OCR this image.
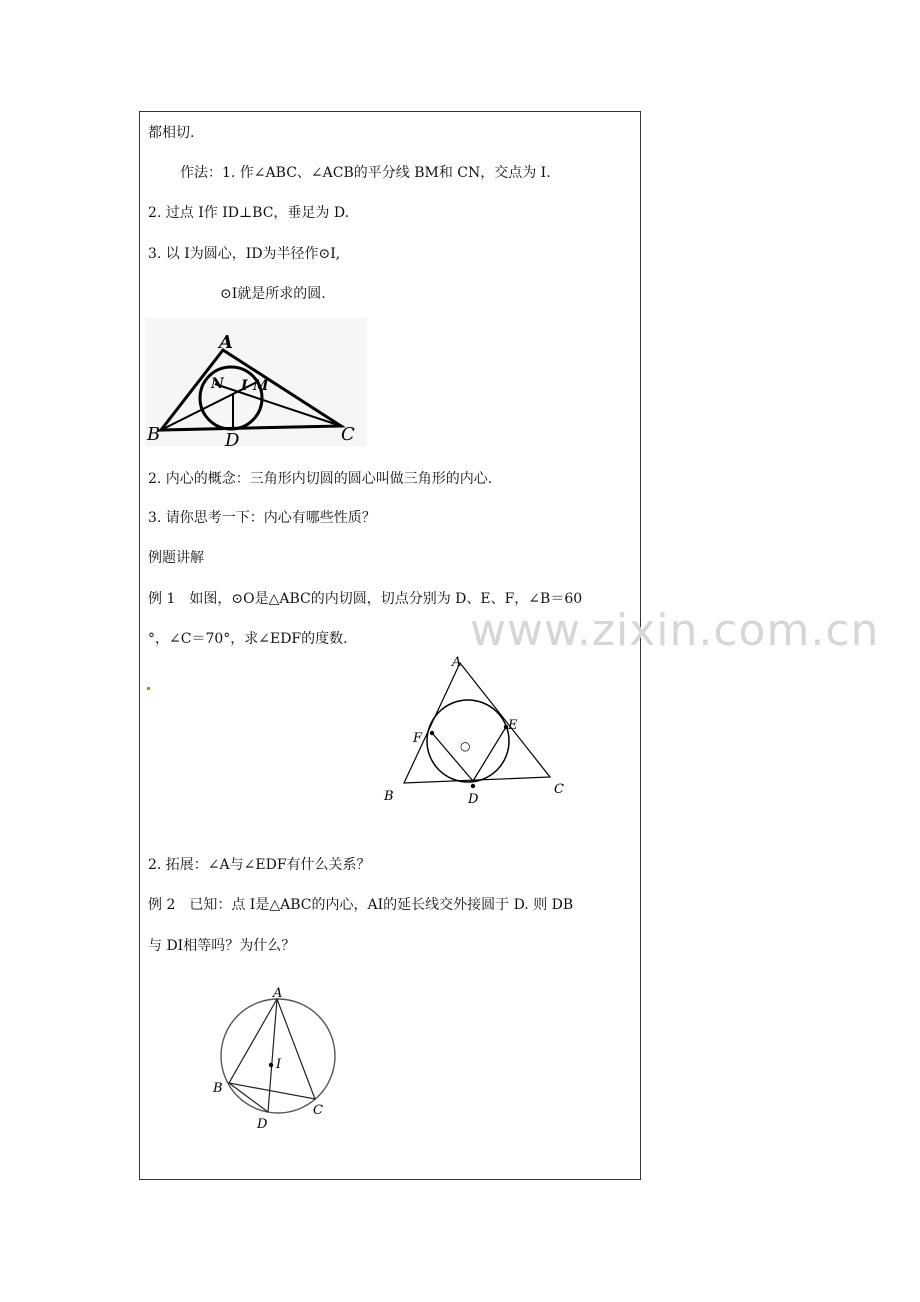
www.zixin.com.cn
都相切.
作法：1. 作∠ABC、∠ACB的平分线 BM和 CN，交点为 I.
2. 过点 I作 ID⊥BC，垂足为 D.
3. 以 I为圆心，ID为半径作⊙I,
⊙I就是所求的圆.
A
B	C
D
N I M
2. 内心的概念：三角形内切圆的圆心叫做三角形的内心.
3. 请你思考一下：内心有哪些性质？
例题讲解
例 1　如图，⊙O是△ABC的内切圆，切点分别为 D、E、F，∠B＝60
°，∠C＝70°，求∠EDF的度数.
A
B	C
D
E
F	○
2. 拓展：∠A与∠EDF有什么关系？
例 2　已知：点 I是△ABC的内心，AI的延长线交外接圆于 D. 则 DB
与 DI相等吗？为什么？
A
B
C
D
I
